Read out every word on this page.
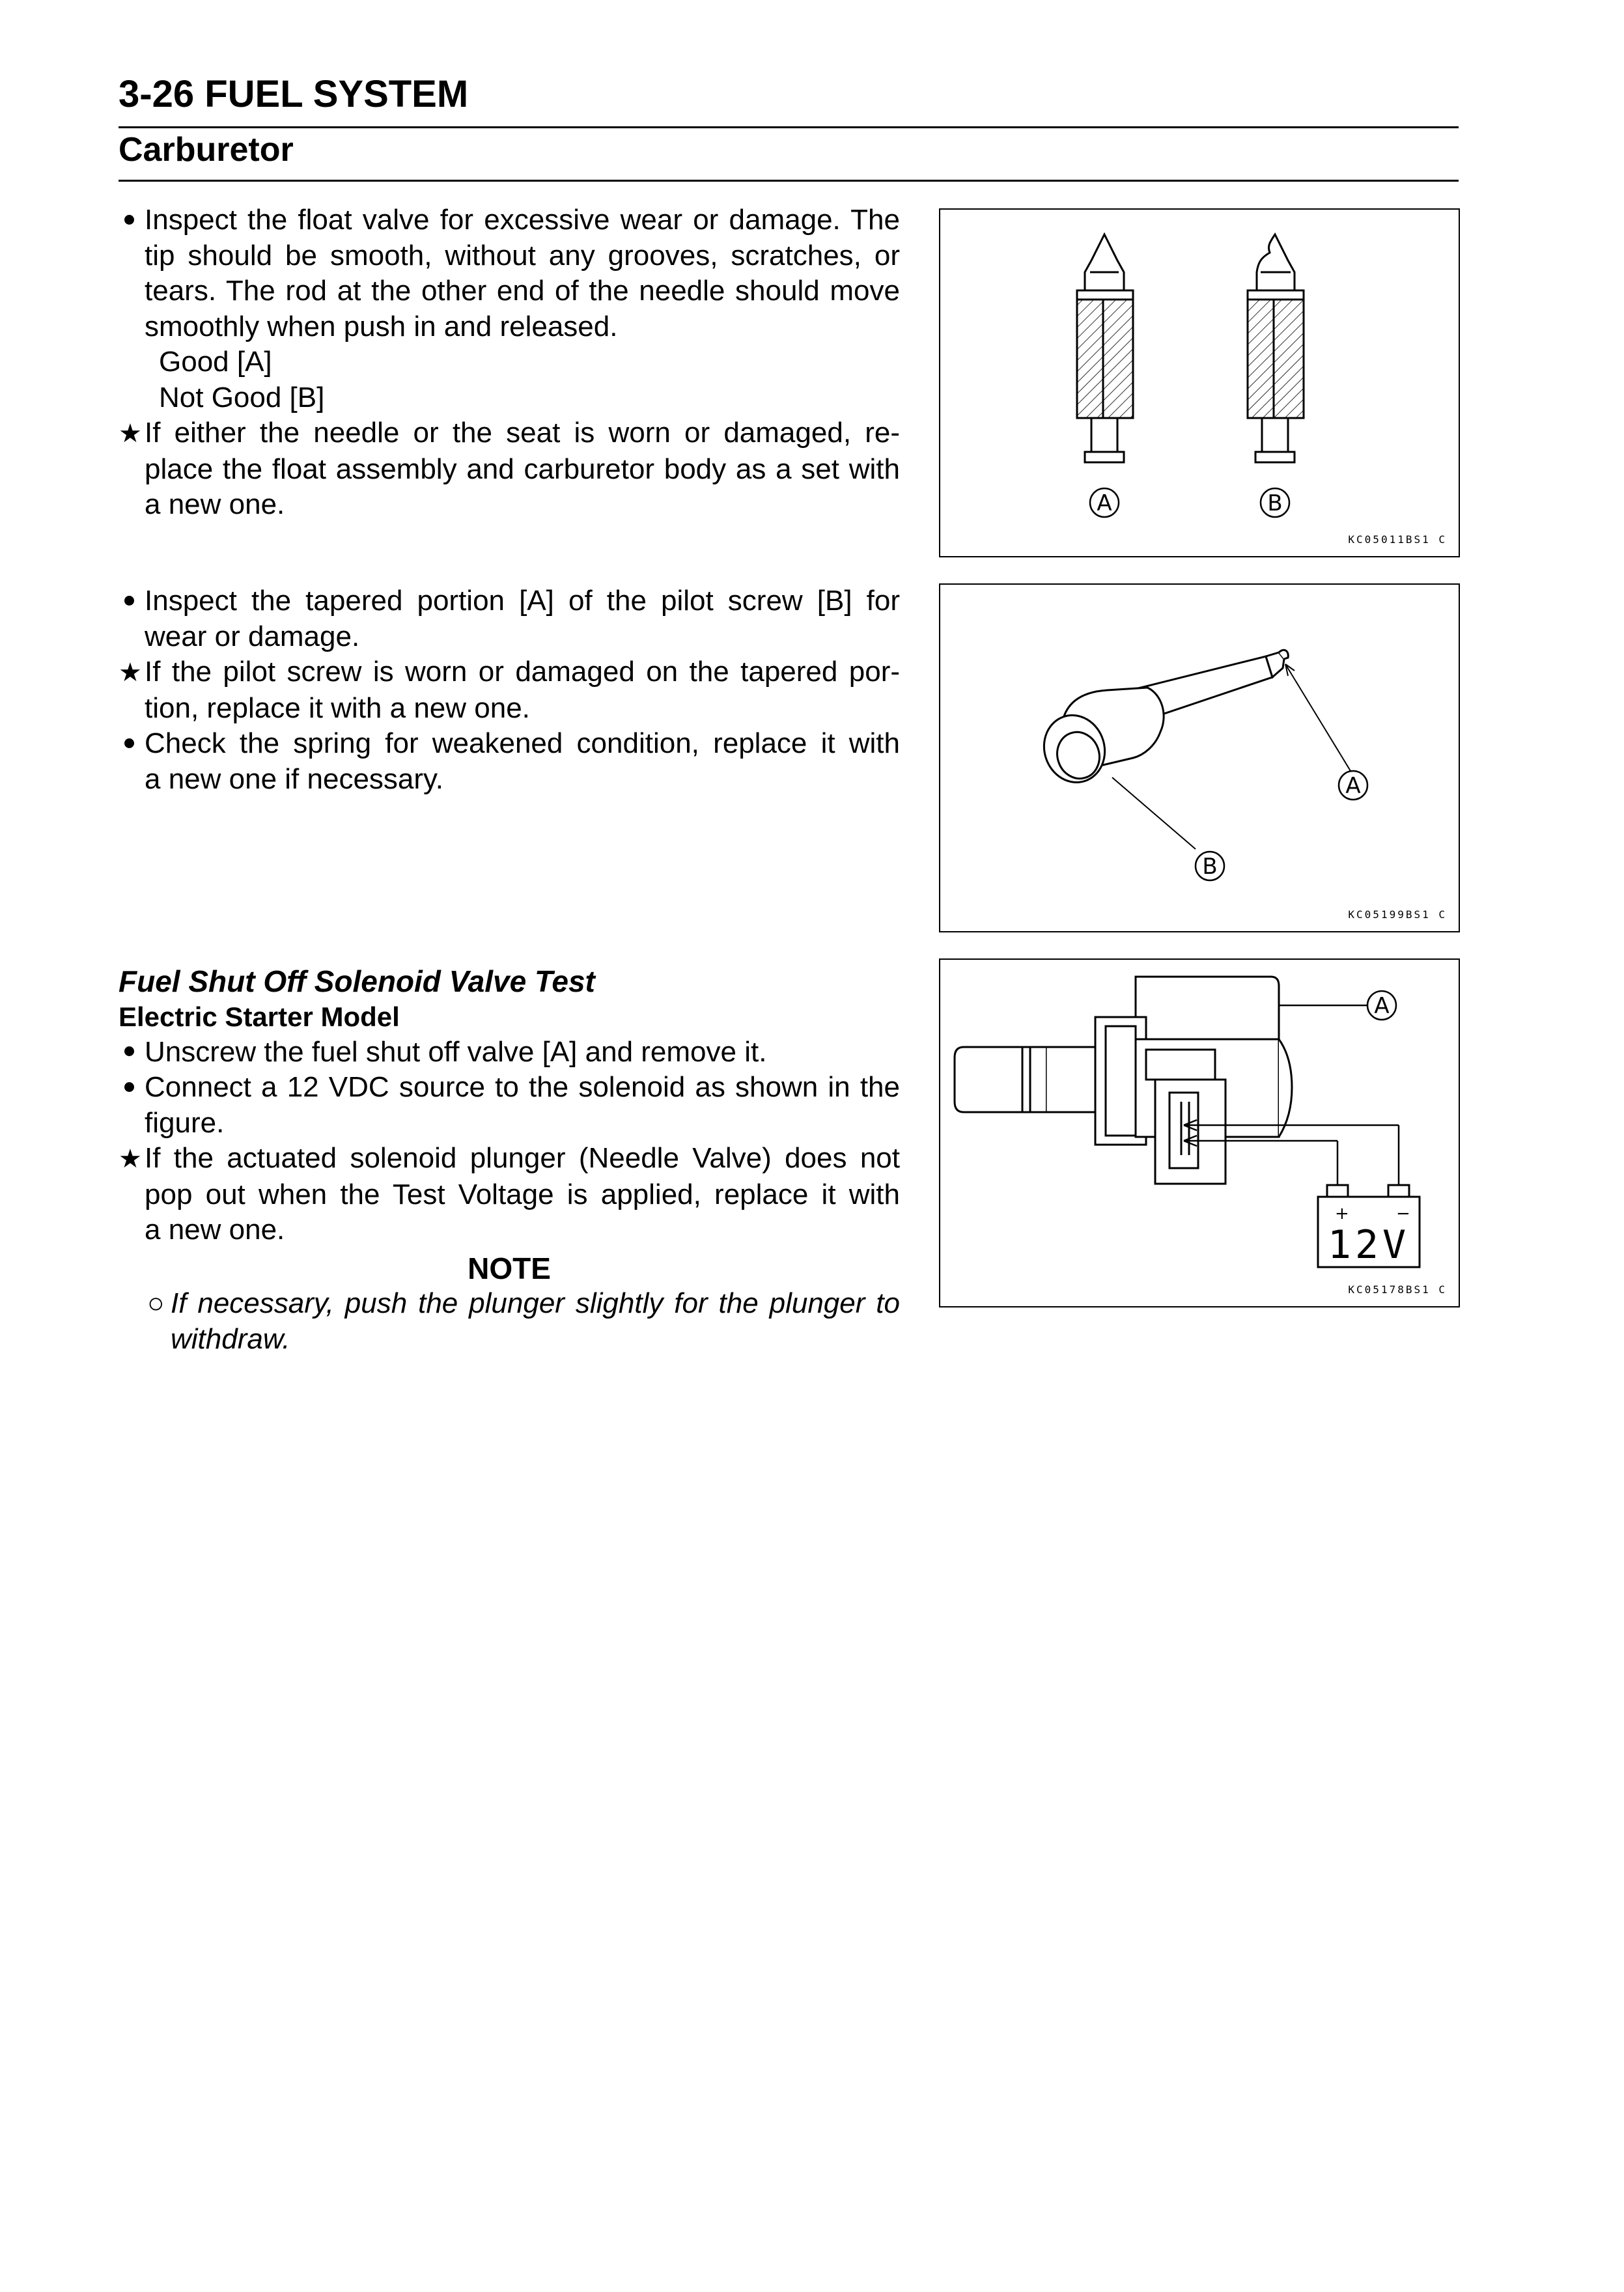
3-26 FUEL SYSTEM
Carburetor
Inspect the float valve for excessive wear or damage. The
tip should be smooth, without any grooves, scratches, or
tears. The rod at the other end of the needle should move
smoothly when push in and released.
Good [A]
Not Good [B]
★If either the needle or the seat is worn or damaged, re-
place the float assembly and carburetor body as a set with
a new one.	A	B
KC05011BS1 C
Inspect the tapered portion [A] of the pilot screw [B] for
wear or damage.
★If the pilot screw is worn or damaged on the tapered por-
tion, replace it with a new one.
Check the spring for weakened condition, replace it with
a new one if necessary.	A
B
KC05199BS1 C
Fuel Shut Off Solenoid Valve Test
Electric Starter Model
Unscrew the fuel shut off valve [A] and remove it.
Connect a 12 VDC source to the solenoid as shown in the
figure.
★If the actuated solenoid plunger (Needle Valve) does not
pop out when the Test Voltage is applied, replace it with
a new one.
NOTE
○ If necessary, push the plunger slightly for the plunger to
withdraw.
+	−
12V
A
KC05178BS1 C
